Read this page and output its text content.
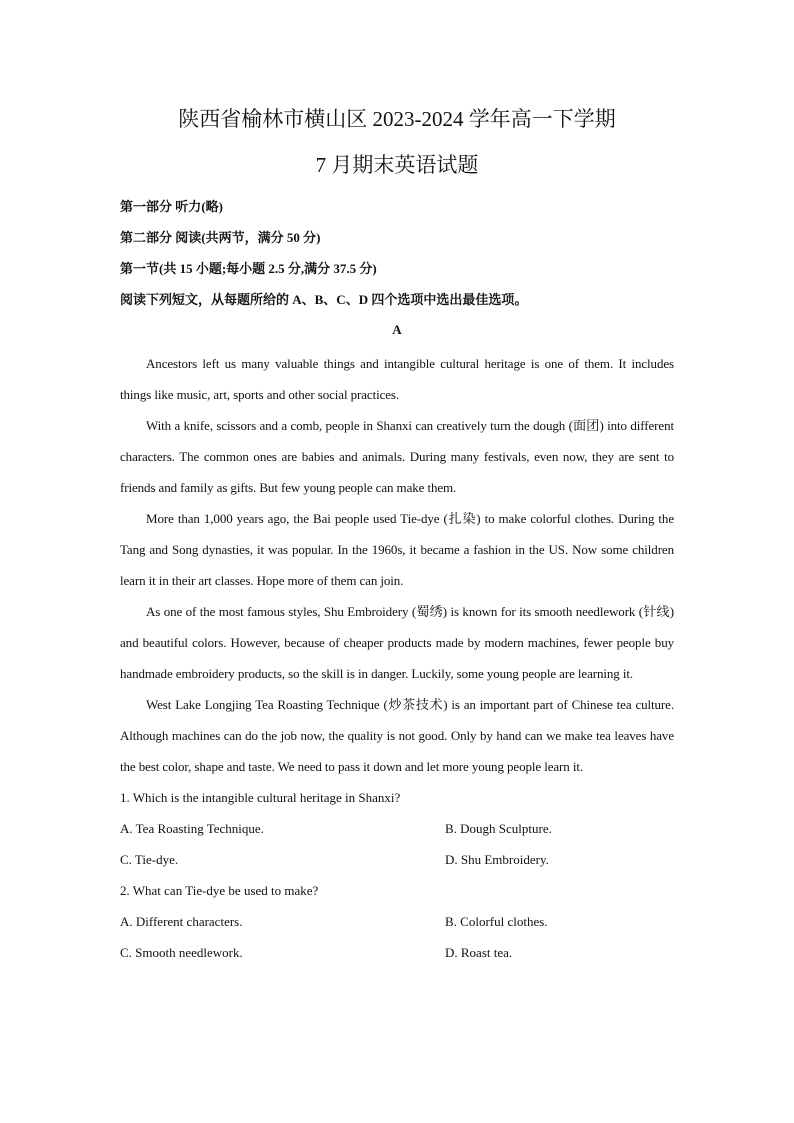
陕西省榆林市横山区 2023-2024 学年高一下学期
7 月期末英语试题

第一部分 听力(略)

第二部分 阅读(共两节，满分 50 分)

第一节(共 15 小题;每小题 2.5 分,满分 37.5 分)

阅读下列短文，从每题所给的 A、B、C、D 四个选项中选出最佳选项。

A

Ancestors left us many valuable things and intangible cultural heritage is one of them. It includes things like music, art, sports and other social practices.

With a knife, scissors and a comb, people in Shanxi can creatively turn the dough (面团) into different characters. The common ones are babies and animals. During many festivals, even now, they are sent to friends and family as gifts. But few young people can make them.

More than 1,000 years ago, the Bai people used Tie-dye (扎染) to make colorful clothes. During the Tang and Song dynasties, it was popular. In the 1960s, it became a fashion in the US. Now some children learn it in their art classes. Hope more of them can join.

As one of the most famous styles, Shu Embroidery (蜀绣) is known for its smooth needlework (针线) and beautiful colors. However, because of cheaper products made by modern machines, fewer people buy handmade embroidery products, so the skill is in danger. Luckily, some young people are learning it.

West Lake Longjing Tea Roasting Technique (炒茶技术) is an important part of Chinese tea culture. Although machines can do the job now, the quality is not good. Only by hand can we make tea leaves have the best color, shape and taste. We need to pass it down and let more young people learn it.

1. Which is the intangible cultural heritage in Shanxi?

A. Tea Roasting Technique.	B. Dough Sculpture.
C. Tie-dye.	D. Shu Embroidery.

2. What can Tie-dye be used to make?

A. Different characters.	B. Colorful clothes.
C. Smooth needlework.	D. Roast tea.
